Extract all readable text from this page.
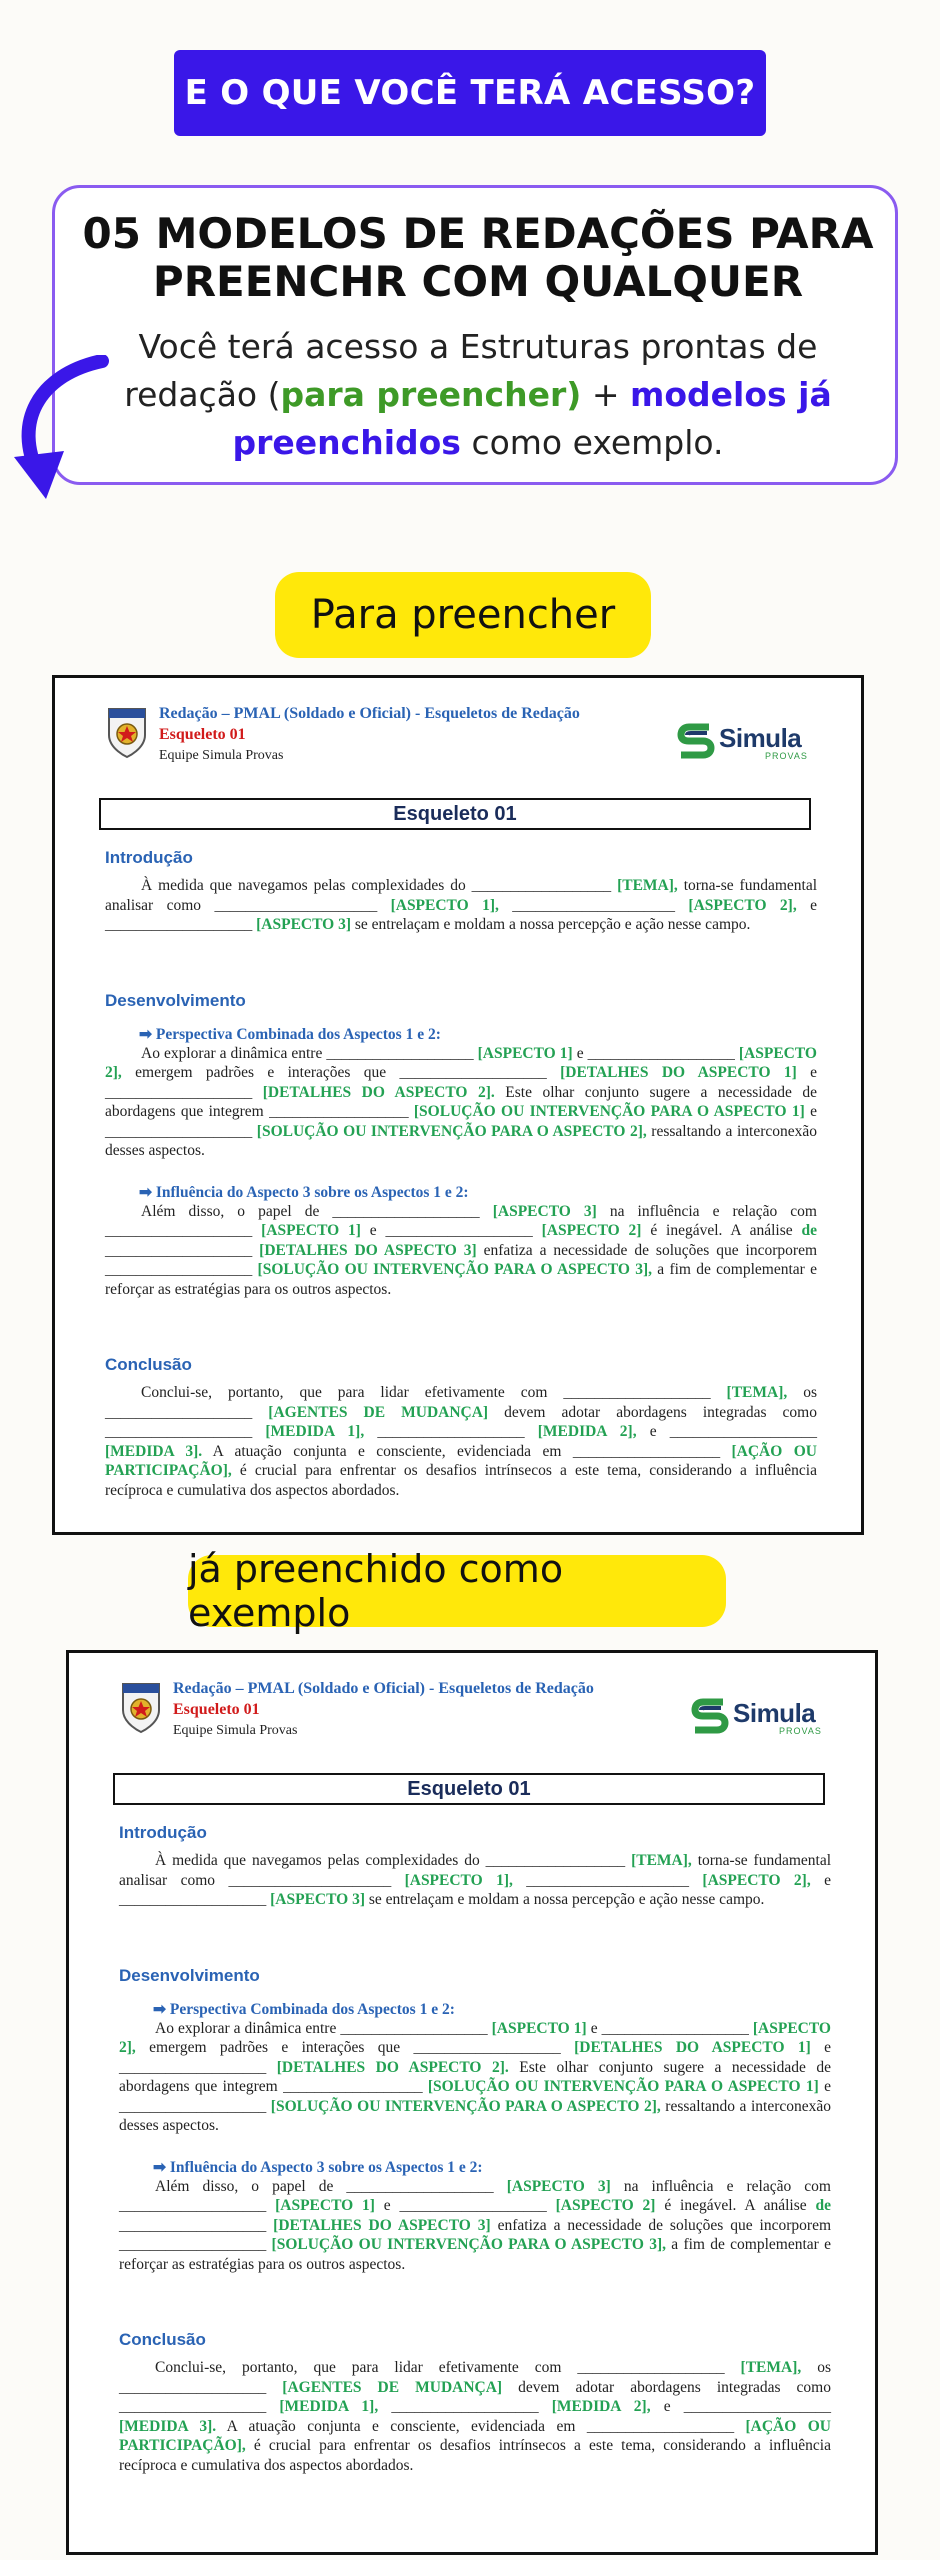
E O QUE VOCÊ TERÁ ACESSO?
05 MODELOS DE REDAÇÕES PARA
PREENCHR COM QUALQUER
Você terá acesso a Estruturas prontas de redação (para preencher) + modelos já preenchidos como exemplo.
Para preencher
Redação – PMAL (Soldado e Oficial) - Esqueletos de Redação
Esqueleto 01
Equipe Simula Provas
Simula
PROVAS
Esqueleto 01
Introdução

À medida que navegamos pelas complexidades do __________________ [TEMA], torna-se fundamental analisar como _____________________ [ASPECTO 1], _____________________ [ASPECTO 2], e ___________________ [ASPECTO 3] se entrelaçam e moldam a nossa percepção e ação nesse campo.

Desenvolvimento
➡ Perspectiva Combinada dos Aspectos 1 e 2:

Ao explorar a dinâmica entre ___________________ [ASPECTO 1] e ___________________ [ASPECTO 2], emergem padrões e interações que ___________________ [DETALHES DO ASPECTO 1] e ___________________ [DETALHES DO ASPECTO 2]. Este olhar conjunto sugere a necessidade de abordagens que integrem __________________ [SOLUÇÃO OU INTERVENÇÃO PARA O ASPECTO 1] e ___________________ [SOLUÇÃO OU INTERVENÇÃO PARA O ASPECTO 2], ressaltando a interconexão desses aspectos.

➡ Influência do Aspecto 3 sobre os Aspectos 1 e 2:

Além disso, o papel de ___________________ [ASPECTO 3] na influência e relação com ___________________ [ASPECTO 1] e ___________________ [ASPECTO 2] é inegável. A análise de ___________________ [DETALHES DO ASPECTO 3] enfatiza a necessidade de soluções que incorporem ___________________ [SOLUÇÃO OU INTERVENÇÃO PARA O ASPECTO 3], a fim de complementar e reforçar as estratégias para os outros aspectos.

Conclusão

Conclui-se, portanto, que para lidar efetivamente com ___________________ [TEMA], os ___________________ [AGENTES DE MUDANÇA] devem adotar abordagens integradas como ___________________ [MEDIDA 1], ___________________ [MEDIDA 2], e ___________________ [MEDIDA 3]. A atuação conjunta e consciente, evidenciada em ___________________ [AÇÃO OU PARTICIPAÇÃO], é crucial para enfrentar os desafios intrínsecos a este tema, considerando a influência recíproca e cumulativa dos aspectos abordados.

já preenchido como exemplo
Redação – PMAL (Soldado e Oficial) - Esqueletos de Redação
Esqueleto 01
Equipe Simula Provas
Simula
PROVAS
Esqueleto 01
Introdução

À medida que navegamos pelas complexidades do __________________ [TEMA], torna-se fundamental analisar como _____________________ [ASPECTO 1], _____________________ [ASPECTO 2], e ___________________ [ASPECTO 3] se entrelaçam e moldam a nossa percepção e ação nesse campo.

Desenvolvimento
➡ Perspectiva Combinada dos Aspectos 1 e 2:

Ao explorar a dinâmica entre ___________________ [ASPECTO 1] e ___________________ [ASPECTO 2], emergem padrões e interações que ___________________ [DETALHES DO ASPECTO 1] e ___________________ [DETALHES DO ASPECTO 2]. Este olhar conjunto sugere a necessidade de abordagens que integrem __________________ [SOLUÇÃO OU INTERVENÇÃO PARA O ASPECTO 1] e ___________________ [SOLUÇÃO OU INTERVENÇÃO PARA O ASPECTO 2], ressaltando a interconexão desses aspectos.

➡ Influência do Aspecto 3 sobre os Aspectos 1 e 2:

Além disso, o papel de ___________________ [ASPECTO 3] na influência e relação com ___________________ [ASPECTO 1] e ___________________ [ASPECTO 2] é inegável. A análise de ___________________ [DETALHES DO ASPECTO 3] enfatiza a necessidade de soluções que incorporem ___________________ [SOLUÇÃO OU INTERVENÇÃO PARA O ASPECTO 3], a fim de complementar e reforçar as estratégias para os outros aspectos.

Conclusão

Conclui-se, portanto, que para lidar efetivamente com ___________________ [TEMA], os ___________________ [AGENTES DE MUDANÇA] devem adotar abordagens integradas como ___________________ [MEDIDA 1], ___________________ [MEDIDA 2], e ___________________ [MEDIDA 3]. A atuação conjunta e consciente, evidenciada em ___________________ [AÇÃO OU PARTICIPAÇÃO], é crucial para enfrentar os desafios intrínsecos a este tema, considerando a influência recíproca e cumulativa dos aspectos abordados.
